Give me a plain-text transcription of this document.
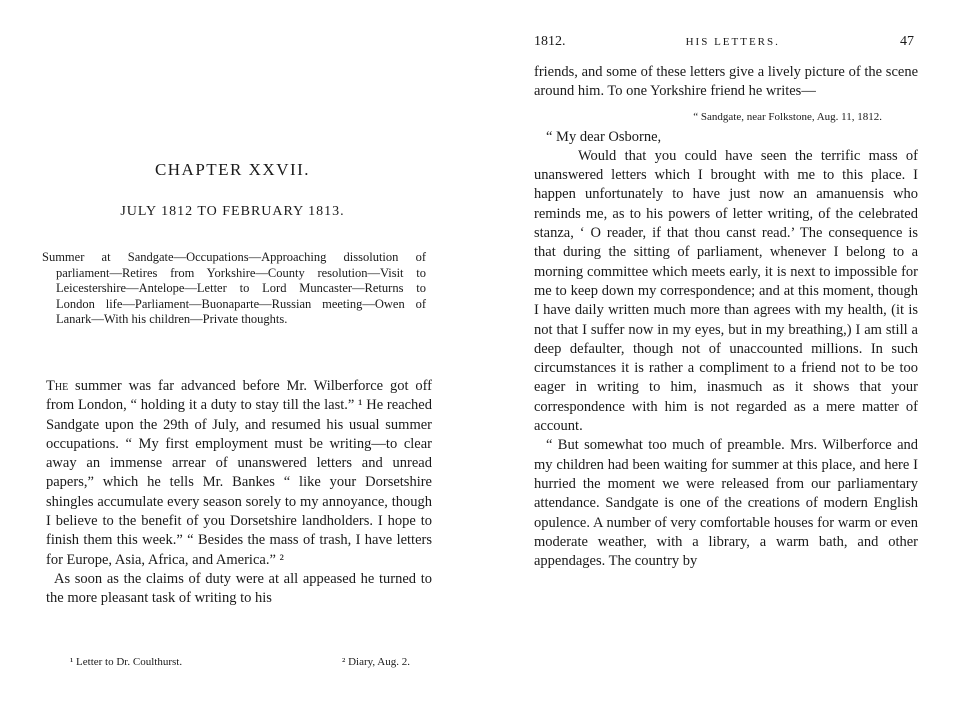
CHAPTER XXVII.
JULY 1812 TO FEBRUARY 1813.
Summer at Sandgate—Occupations—Approaching dissolution of parliament—Retires from Yorkshire—County resolution—Visit to Leicestershire—Antelope—Letter to Lord Muncaster—Returns to London life—Parliament—Buonaparte—Russian meeting—Owen of Lanark—With his children—Private thoughts.

The summer was far advanced before Mr. Wilberforce got off from London, “ holding it a duty to stay till the last.” ¹ He reached Sandgate upon the 29th of July, and resumed his usual summer occupations. “ My first employment must be writing—to clear away an immense arrear of unanswered letters and unread papers,” which he tells Mr. Bankes “ like your Dorsetshire shingles accumulate every season sorely to my annoyance, though I believe to the benefit of you Dorsetshire landholders. I hope to finish them this week.” “ Besides the mass of trash, I have letters for Europe, Asia, Africa, and America.” ²

As soon as the claims of duty were at all appeased he turned to the more pleasant task of writing to his

¹ Letter to Dr. Coulthurst.	² Diary, Aug. 2.
1812.	HIS LETTERS.	47

friends, and some of these letters give a lively picture of the scene around him. To one Yorkshire friend he writes—

“ Sandgate, near Folkstone, Aug. 11, 1812.

“ My dear Osborne,

Would that you could have seen the terrific mass of unanswered letters which I brought with me to this place. I happen unfortunately to have just now an amanuensis who reminds me, as to his powers of letter writing, of the celebrated stanza, ‘ O reader, if that thou canst read.’ The consequence is that during the sitting of parliament, whenever I belong to a morning committee which meets early, it is next to impossible for me to keep down my correspondence; and at this moment, though I have daily written much more than agrees with my health, (it is not that I suffer now in my eyes, but in my breathing,) I am still a deep defaulter, though not of unaccounted millions. In such circumstances it is rather a compliment to a friend not to be too eager in writing to him, inasmuch as it shows that your correspondence with him is not regarded as a mere matter of account.

“ But somewhat too much of preamble. Mrs. Wilberforce and my children had been waiting for summer at this place, and here I hurried the moment we were released from our parliamentary attendance. Sandgate is one of the creations of modern English opulence. A number of very comfortable houses for warm or even moderate weather, with a library, a warm bath, and other appendages. The country by
